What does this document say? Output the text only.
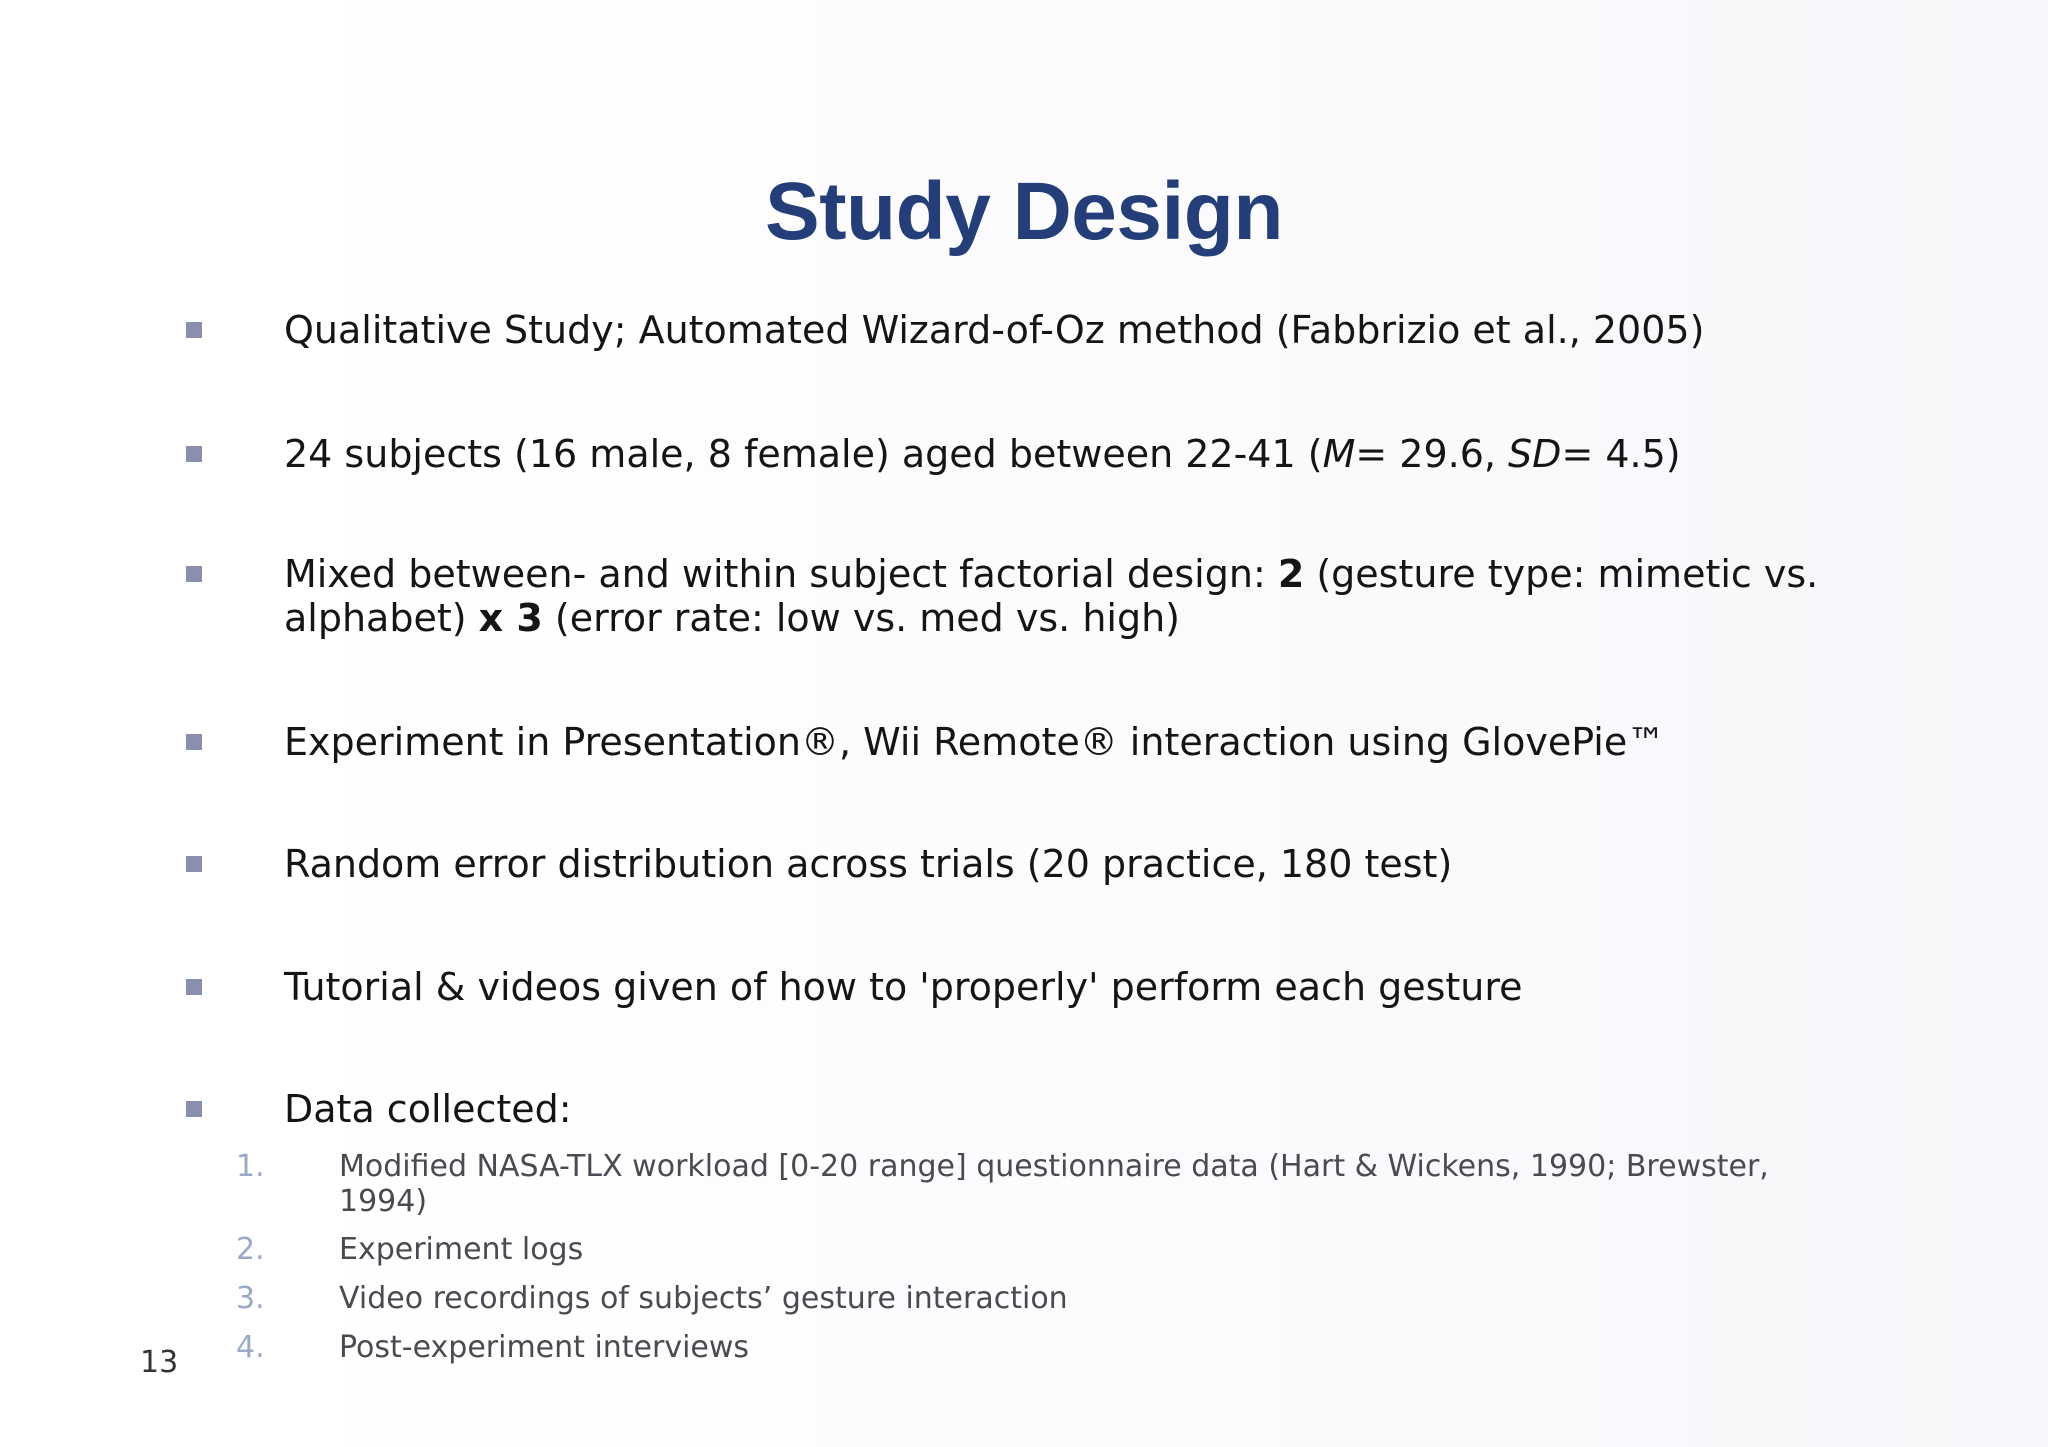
Study Design
Qualitative Study; Automated Wizard-of-Oz method (Fabbrizio et al., 2005)
24 subjects (16 male, 8 female) aged between 22-41 (M= 29.6, SD= 4.5)
Mixed between- and within subject factorial design: 2 (gesture type: mimetic vs. alphabet) x 3 (error rate: low vs. med vs. high)
Experiment in Presentation®, Wii Remote® interaction using GlovePie™
Random error distribution across trials (20 practice, 180 test)
Tutorial & videos given of how to 'properly' perform each gesture
Data collected:
1. Modified NASA-TLX workload [0-20 range] questionnaire data (Hart & Wickens, 1990; Brewster, 1994)
2. Experiment logs
3. Video recordings of subjects’ gesture interaction
4. Post-experiment interviews
13
